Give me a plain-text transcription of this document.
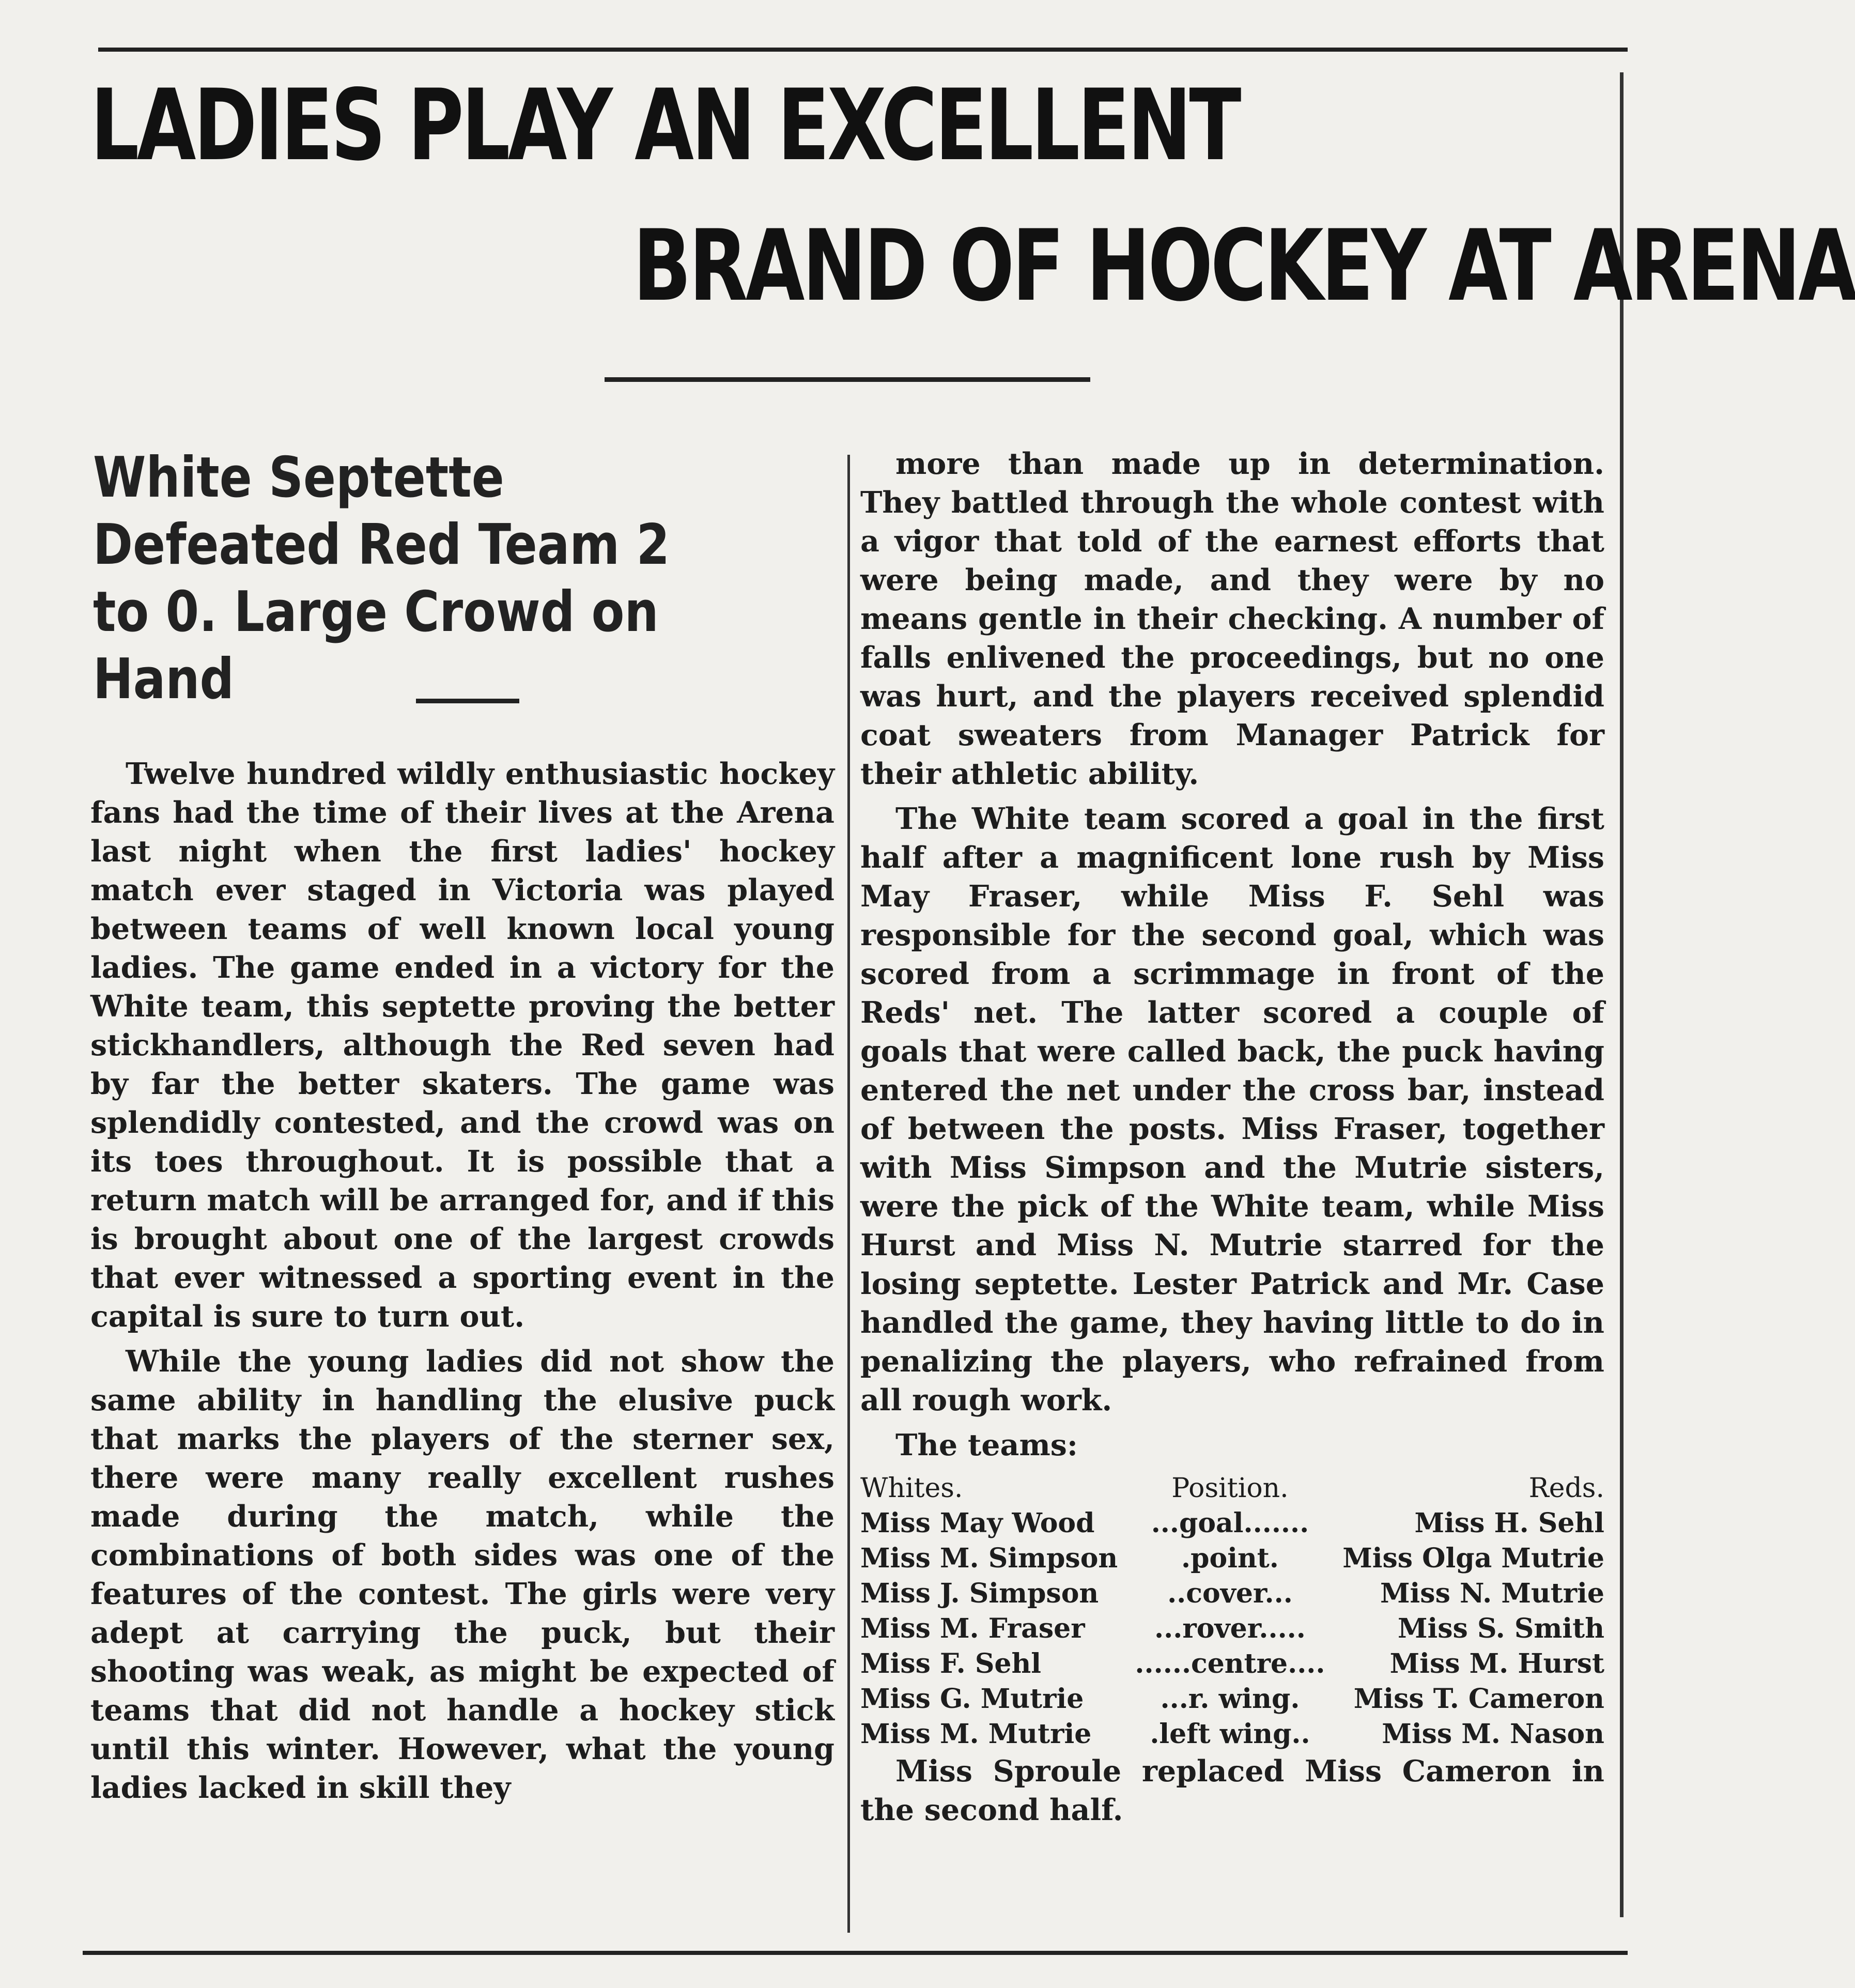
LADIES PLAY AN EXCELLENT
BRAND OF HOCKEY AT ARENA
White Septette Defeated Red Team 2 to 0. Large Crowd on Hand

Twelve hundred wildly enthusiastic hockey fans had the time of their lives at the Arena last night when the first ladies' hockey match ever staged in Victoria was played between teams of well known local young ladies. The game ended in a victory for the White team, this septette proving the better stickhandlers, although the Red seven had by far the better skaters. The game was splendidly contested, and the crowd was on its toes throughout. It is possible that a return match will be arranged for, and if this is brought about one of the largest crowds that ever witnessed a sporting event in the capital is sure to turn out.

While the young ladies did not show the same ability in handling the elusive puck that marks the players of the sterner sex, there were many really excellent rushes made during the match, while the combinations of both sides was one of the features of the contest. The girls were very adept at carrying the puck, but their shooting was weak, as might be expected of teams that did not handle a hockey stick until this winter. However, what the young ladies lacked in skill they

more than made up in determination. They battled through the whole contest with a vigor that told of the earnest efforts that were being made, and they were by no means gentle in their checking. A number of falls enlivened the proceedings, but no one was hurt, and the players received splendid coat sweaters from Manager Patrick for their athletic ability.

The White team scored a goal in the first half after a magnificent lone rush by Miss May Fraser, while Miss F. Sehl was responsible for the second goal, which was scored from a scrimmage in front of the Reds' net. The latter scored a couple of goals that were called back, the puck having entered the net under the cross bar, instead of between the posts. Miss Fraser, together with Miss Simpson and the Mutrie sisters, were the pick of the White team, while Miss Hurst and Miss N. Mutrie starred for the losing septette. Lester Patrick and Mr. Case handled the game, they having little to do in penalizing the players, who refrained from all rough work.

The teams:

Whites.	Position.	Reds.
Miss May Wood	...goal.......	Miss H. Sehl
Miss M. Simpson	.point.	Miss Olga Mutrie
Miss J. Simpson	..cover...	Miss N. Mutrie
Miss M. Fraser	...rover.....	Miss S. Smith
Miss F. Sehl	......centre....	Miss M. Hurst
Miss G. Mutrie	...r. wing.	Miss T. Cameron
Miss M. Mutrie	.left wing..	Miss M. Nason

Miss Sproule replaced Miss Cameron in the second half.
